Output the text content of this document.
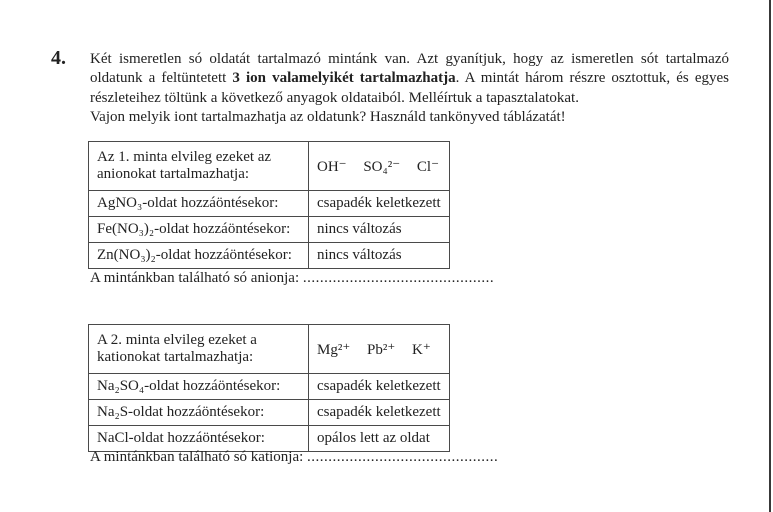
4. Két ismeretlen só oldatát tartalmazó mintánk van. Azt gyanítjuk, hogy az ismeretlen sót tartalmazó oldatunk a feltüntetett 3 ion valamelyikét tartalmazhatja. A mintát három részre osztottuk, és egyes részleteihez töltünk a következő anyagok oldataiból. Melléírtuk a tapasztalatokat.

Vajon melyik iont tartalmazhatja az oldatunk? Használd tankönyved táblázatát!

Az 1. minta elvileg ezeket az anionokat tartalmazhatja:	OH⁻ SO₄²⁻ Cl⁻
AgNO₃-oldat hozzáöntésekor:	csapadék keletkezett
Fe(NO₃)₂-oldat hozzáöntésekor:	nincs változás
Zn(NO₃)₂-oldat hozzáöntésekor:	nincs változás
A mintánkban található só anionja: .............................................
A 2. minta elvileg ezeket a kationokat tartalmazhatja:	Mg²⁺ Pb²⁺ K⁺
Na₂SO₄-oldat hozzáöntésekor:	csapadék keletkezett
Na₂S-oldat hozzáöntésekor:	csapadék keletkezett
NaCl-oldat hozzáöntésekor:	opálos lett az oldat
A mintánkban található só kationja: .............................................
